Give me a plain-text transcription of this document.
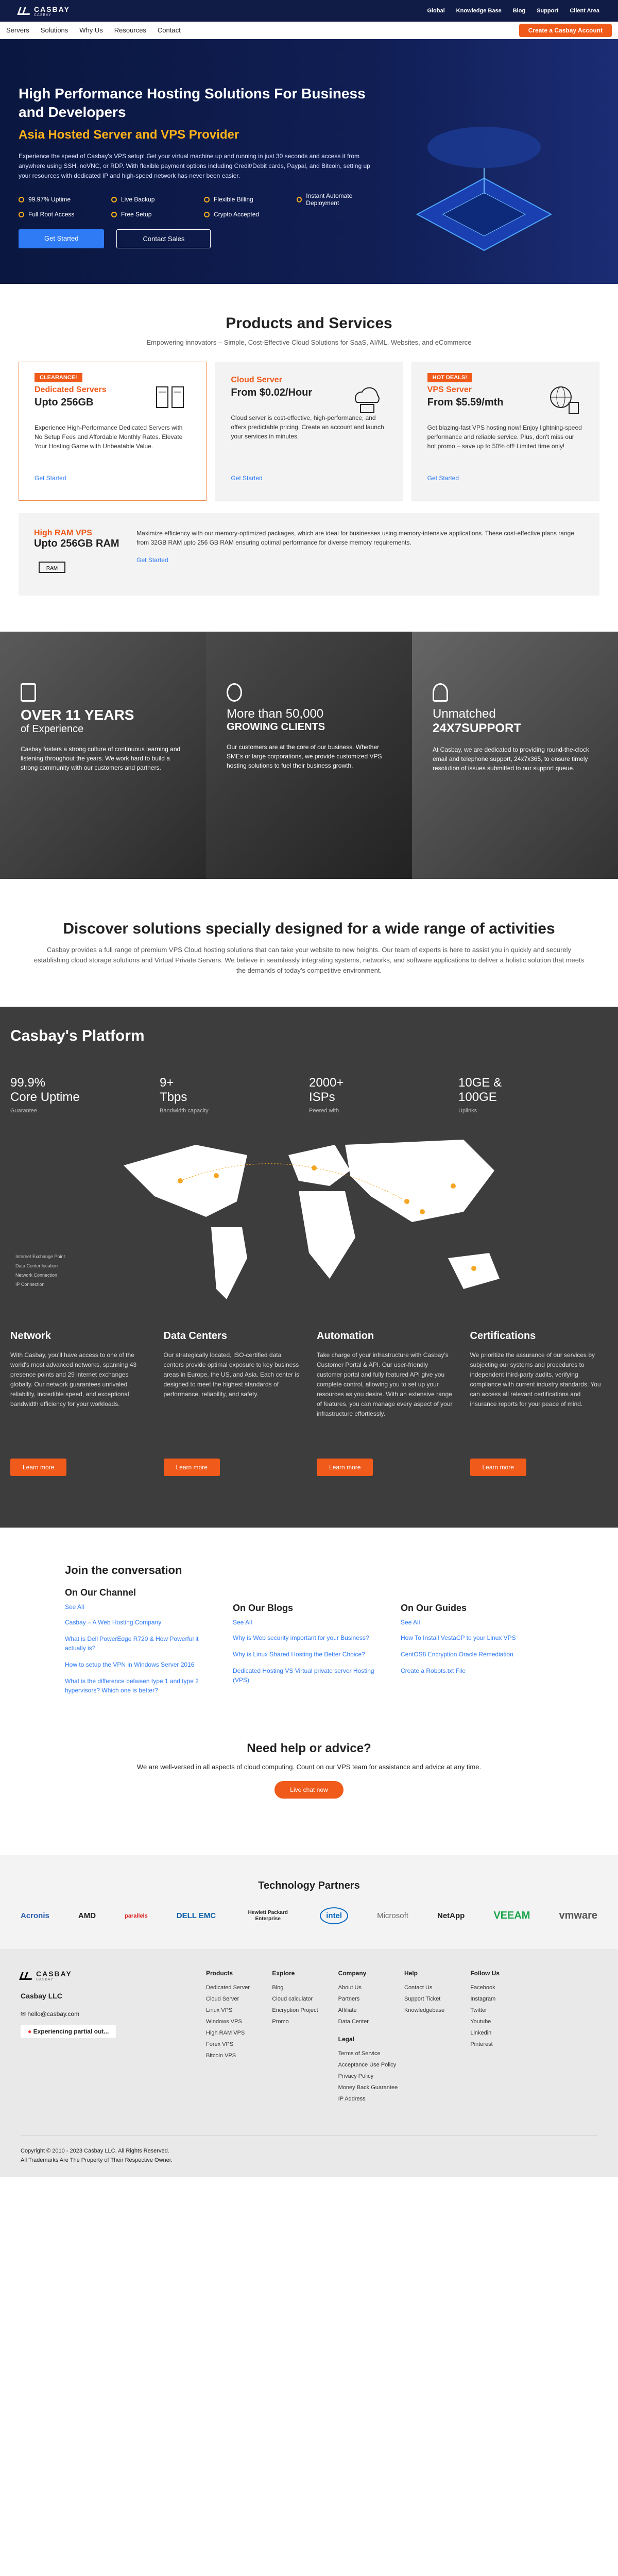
CASBAY
CASBAY
Global Knowledge Base Blog Support Client Area
Servers Solutions Why Us Resources Contact	Create a Casbay Account
High Performance Hosting Solutions For Business and Developers
Asia Hosted Server and VPS Provider

Experience the speed of Casbay's VPS setup! Get your virtual machine up and running in just 30 seconds and access it from anywhere using SSH, noVNC, or RDP. With flexible payment options including Credit/Debit cards, Paypal, and Bitcoin, setting up your resources with dedicated IP and high-speed network has never been easier.

99.97% Uptime	Live Backup	Flexible Billing	Instant Automate Deployment
Full Root Access	Free Setup	Crypto Accepted
Get Started	Contact Sales
Products and Services
Empowering innovators – Simple, Cost-Effective Cloud Solutions for SaaS, AI/ML, Websites, and eCommerce
CLEARANCE!
Dedicated Servers
Upto 256GB
Experience High-Performance Dedicated Servers with No Setup Fees and Affordable Monthly Rates. Elevate Your Hosting Game with Unbeatable Value.
Get Started
Cloud Server
From $0.02/Hour
Cloud server is cost-effective, high-performance, and offers predictable pricing. Create an account and launch your services in minutes.
Get Started
HOT DEALS!
VPS Server
From $5.59/mth
Get blazing-fast VPS hosting now! Enjoy lightning-speed performance and reliable service. Plus, don't miss our hot promo – save up to 50% off! Limited time only!
Get Started
High RAM VPS
Upto 256GB RAM
RAM
Maximize efficiency with our memory-optimized packages, which are ideal for businesses using memory-intensive applications. These cost-effective plans range from 32GB RAM upto 256 GB RAM ensuring optimal performance for diverse memory requirements.
Get Started
OVER 11 YEARS
of Experience

Casbay fosters a strong culture of continuous learning and listening throughout the years. We work hard to build a strong community with our customers and partners.

More than 50,000
GROWING CLIENTS

Our customers are at the core of our business. Whether SMEs or large corporations, we provide customized VPS hosting solutions to fuel their business growth.

Unmatched
24X7SUPPORT

At Casbay, we are dedicated to providing round-the-clock email and telephone support, 24x7x365, to ensure timely resolution of issues submitted to our support queue.

Discover solutions specially designed for a wide range of activities

Casbay provides a full range of premium VPS Cloud hosting solutions that can take your website to new heights. Our team of experts is here to assist you in quickly and securely establishing cloud storage solutions and Virtual Private Servers. We believe in seamlessly integrating systems, networks, and software applications to deliver a holistic solution that meets the demands of today's competitive environment.

Casbay's Platform
99.9%
Core Uptime
Guarantee
9+
Tbps
Bandwidth capacity
2000+
ISPs
Peered with
10GE &
100GE
Uplinks
Internet Exchange Point
Data Center location
Network Connection
IP Connection
Network

With Casbay, you'll have access to one of the world's most advanced networks, spanning 43 presence points and 29 internet exchanges globally. Our network guarantees unrivaled reliability, incredible speed, and exceptional bandwidth efficiency for your workloads.

Learn more
Data Centers

Our strategically located, ISO-certified data centers provide optimal exposure to key business areas in Europe, the US, and Asia. Each center is designed to meet the highest standards of performance, reliability, and safety.

Learn more
Automation

Take charge of your infrastructure with Casbay's Customer Portal & API. Our user-friendly customer portal and fully featured API give you complete control, allowing you to set up your resources as you desire. With an extensive range of features, you can manage every aspect of your infrastructure effortlessly.

Learn more
Certifications

We prioritize the assurance of our services by subjecting our systems and procedures to independent third-party audits, verifying compliance with current industry standards. You can access all relevant certifications and insurance reports for your peace of mind.

Learn more
Join the conversation
On Our Channel
See All
Casbay – A Web Hosting Company
What is Dell PowerEdge R720 & How Powerful it actually is?
How to setup the VPN in Windows Server 2016
What is the difference between type 1 and type 2 hypervisors? Which one is better?
On Our Blogs
See All
Why is Web security important for your Business?
Why is Linux Shared Hosting the Better Choice?
Dedicated Hosting VS Virtual private server Hosting (VPS)
On Our Guides
See All
How To Install VestaCP to your Linux VPS
CentOS8 Encryption Oracle Remediation
Create a Robots.txt File
Need help or advice?

We are well-versed in all aspects of cloud computing. Count on our VPS team for assistance and advice at any time.

Live chat now
Technology Partners
Acronis	AMD	parallels	DELL EMC	Hewlett Packard Enterprise	intel	Microsoft	NetApp	VEEAM	vmware
CASBAY
CASBAY
Casbay LLC
✉ hello@casbay.com
● Experiencing partial out...
Products
Dedicated Server
Cloud Server
Linux VPS
Windows VPS
High RAM VPS
Forex VPS
Bitcoin VPS
Explore
Blog
Cloud calculator
Encryption Project
Promo
Company
About Us
Partners
Affiliate
Data Center
Legal
Terms of Service
Acceptance Use Policy
Privacy Policy
Money Back Guarantee
IP Address
Help
Contact Us
Support Ticket
Knowledgebase
Follow Us
Facebook
Instagram
Twitter
Youtube
Linkedin
Pinterest
Copyright © 2010 - 2023 Casbay LLC. All Rights Reserved.
All Trademarks Are The Property of Their Respective Owner.
